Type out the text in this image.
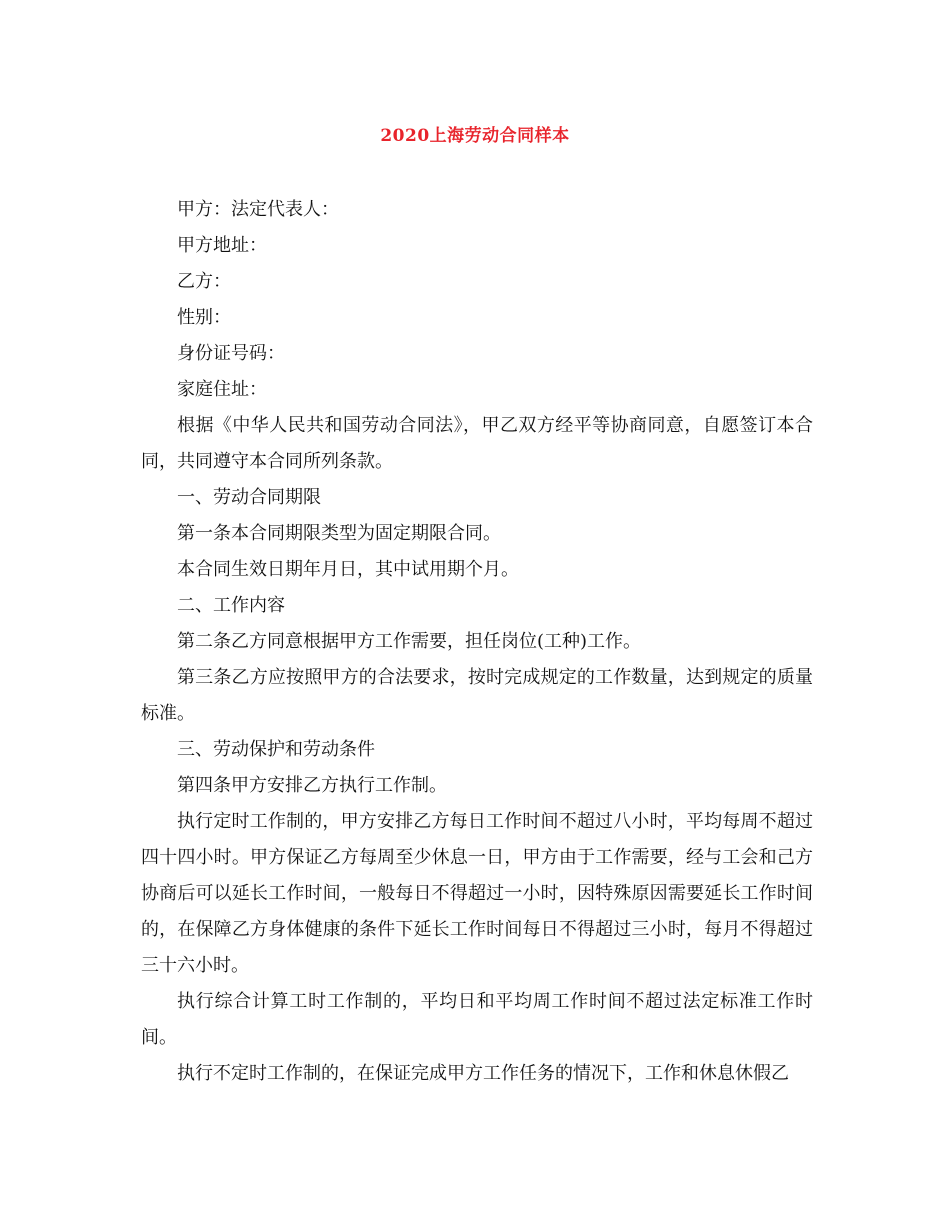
2020上海劳动合同样本

甲方：法定代表人：

甲方地址：

乙方：

性别：

身份证号码：

家庭住址：

根据《中华人民共和国劳动合同法》，甲乙双方经平等协商同意，自愿签订本合同，共同遵守本合同所列条款。

一、劳动合同期限

第一条本合同期限类型为固定期限合同。

本合同生效日期年月日，其中试用期个月。

二、工作内容

第二条乙方同意根据甲方工作需要，担任岗位(工种)工作。

第三条乙方应按照甲方的合法要求，按时完成规定的工作数量，达到规定的质量标准。

三、劳动保护和劳动条件

第四条甲方安排乙方执行工作制。

执行定时工作制的，甲方安排乙方每日工作时间不超过八小时，平均每周不超过四十四小时。甲方保证乙方每周至少休息一日，甲方由于工作需要，经与工会和己方协商后可以延长工作时间，一般每日不得超过一小时，因特殊原因需要延长工作时间的，在保障乙方身体健康的条件下延长工作时间每日不得超过三小时，每月不得超过三十六小时。

执行综合计算工时工作制的，平均日和平均周工作时间不超过法定标准工作时间。

执行不定时工作制的，在保证完成甲方工作任务的情况下，工作和休息休假乙
